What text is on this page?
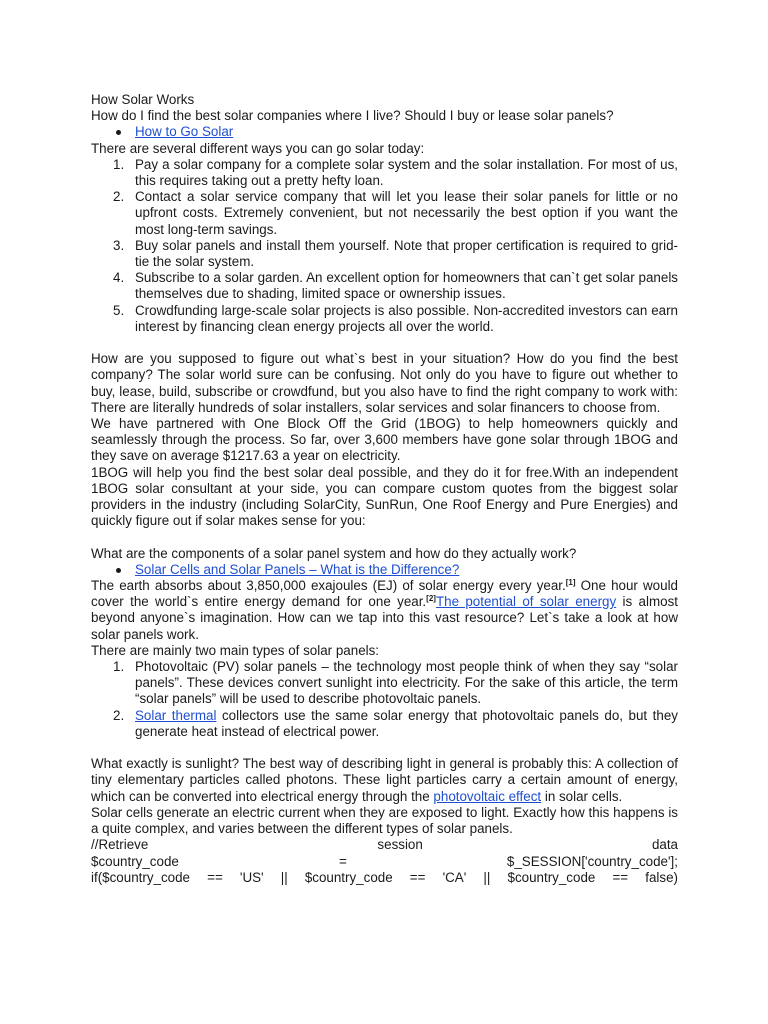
How Solar Works

How do I find the best solar companies where I live? Should I buy or lease solar panels?

How to Go Solar

There are several different ways you can go solar today:

1. Pay a solar company for a complete solar system and the solar installation. For most of us, this requires taking out a pretty hefty loan.
2. Contact a solar service company that will let you lease their solar panels for little or no upfront costs. Extremely convenient, but not necessarily the best option if you want the most long-term savings.
3. Buy solar panels and install them yourself. Note that proper certification is required to grid-tie the solar system.
4. Subscribe to a solar garden. An excellent option for homeowners that can`t get solar panels themselves due to shading, limited space or ownership issues.
5. Crowdfunding large-scale solar projects is also possible. Non-accredited investors can earn interest by financing clean energy projects all over the world.

How are you supposed to figure out what`s best in your situation? How do you find the best company? The solar world sure can be confusing. Not only do you have to figure out whether to buy, lease, build, subscribe or crowdfund, but you also have to find the right company to work with: There are literally hundreds of solar installers, solar services and solar financers to choose from.

We have partnered with One Block Off the Grid (1BOG) to help homeowners quickly and seamlessly through the process. So far, over 3,600 members have gone solar through 1BOG and they save on average $1217.63 a year on electricity.

1BOG will help you find the best solar deal possible, and they do it for free.With an independent 1BOG solar consultant at your side, you can compare custom quotes from the biggest solar providers in the industry (including SolarCity, SunRun, One Roof Energy and Pure Energies) and quickly figure out if solar makes sense for you:

What are the components of a solar panel system and how do they actually work?

Solar Cells and Solar Panels – What is the Difference?

The earth absorbs about 3,850,000 exajoules (EJ) of solar energy every year.[1] One hour would cover the world`s entire energy demand for one year.[2]The potential of solar energy is almost beyond anyone`s imagination. How can we tap into this vast resource? Let`s take a look at how solar panels work.

There are mainly two main types of solar panels:

1. Photovoltaic (PV) solar panels – the technology most people think of when they say “solar panels”. These devices convert sunlight into electricity. For the sake of this article, the term “solar panels” will be used to describe photovoltaic panels.
2. Solar thermal collectors use the same solar energy that photovoltaic panels do, but they generate heat instead of electrical power.

What exactly is sunlight? The best way of describing light in general is probably this: A collection of tiny elementary particles called photons. These light particles carry a certain amount of energy, which can be converted into electrical energy through the photovoltaic effect in solar cells.

Solar cells generate an electric current when they are exposed to light. Exactly how this happens is a quite complex, and varies between the different types of solar panels.

//Retrieve	session	data
$country_code	=	$_SESSION['country_code'];
if($country_code == 'US' || $country_code == 'CA' || $country_code == false)
